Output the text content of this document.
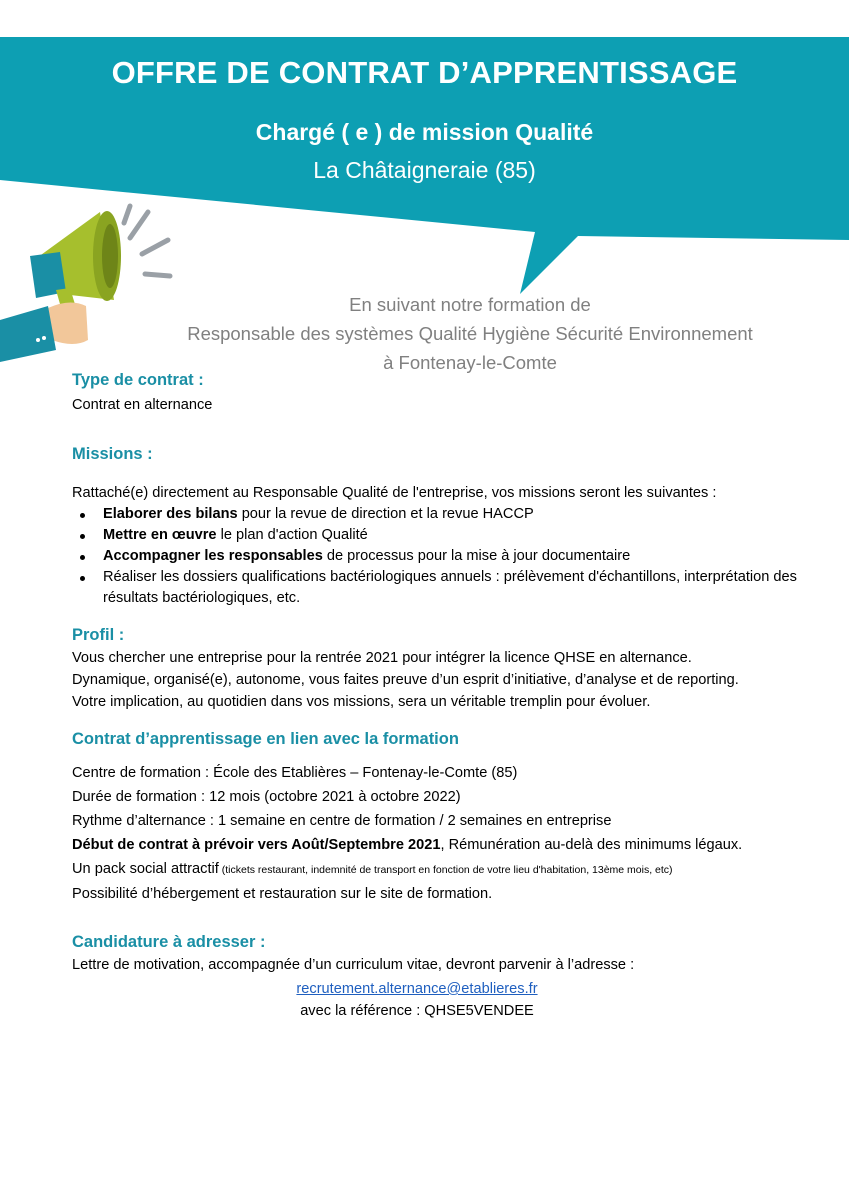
OFFRE DE CONTRAT D’APPRENTISSAGE
Chargé ( e ) de mission Qualité
La Châtaigneraie (85)
En suivant notre formation de
Responsable des systèmes Qualité Hygiène Sécurité Environnement
à Fontenay-le-Comte
Type de contrat :

Contrat en alternance

Missions :

Rattaché(e) directement au Responsable Qualité de l'entreprise, vos missions seront les suivantes :

Elaborer des bilans pour la revue de direction et la revue HACCP
Mettre en œuvre le plan d'action Qualité
Accompagner les responsables de processus pour la mise à jour documentaire
Réaliser les dossiers qualifications bactériologiques annuels : prélèvement d'échantillons, interprétation des résultats bactériologiques, etc.
Profil :

Vous chercher une entreprise pour la rentrée 2021 pour intégrer la licence QHSE en alternance.

Dynamique, organisé(e), autonome, vous faites preuve d’un esprit d’initiative, d’analyse et de reporting.

Votre implication, au quotidien dans vos missions, sera un véritable tremplin pour évoluer.

Contrat d’apprentissage en lien avec la formation

Centre de formation : École des Etablières – Fontenay-le-Comte (85)

Durée de formation : 12 mois (octobre 2021 à octobre 2022)

Rythme d’alternance : 1 semaine en centre de formation / 2 semaines en entreprise

Début de contrat à prévoir vers Août/Septembre 2021, Rémunération au-delà des minimums légaux.

Un pack social attractif (tickets restaurant, indemnité de transport en fonction de votre lieu d'habitation, 13ème mois, etc)

Possibilité d’hébergement et restauration sur le site de formation.

Candidature à adresser :

Lettre de motivation, accompagnée d’un curriculum vitae, devront parvenir à l’adresse :

recrutement.alternance@etablieres.fr

avec la référence : QHSE5VENDEE
